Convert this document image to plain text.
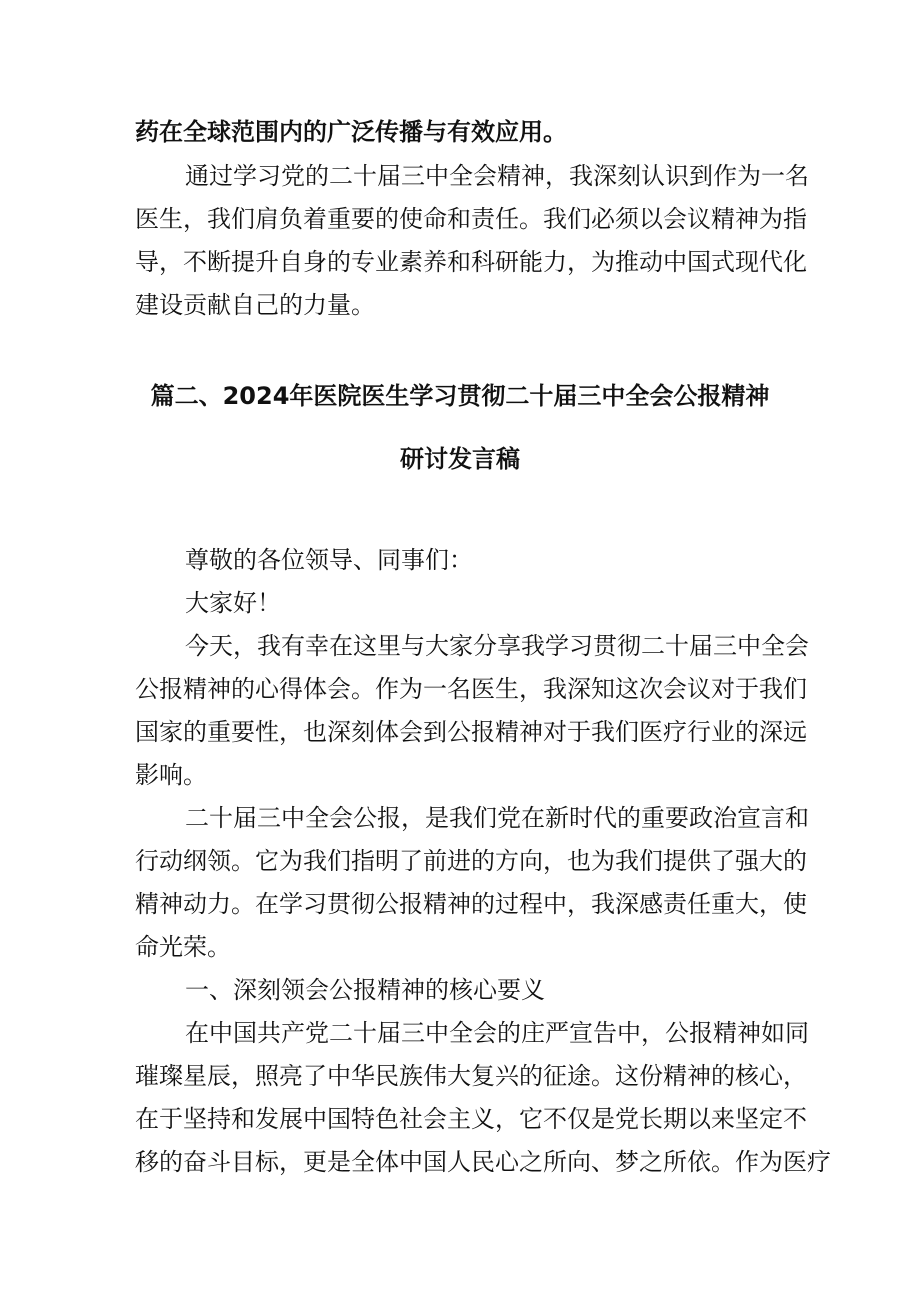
药在全球范围内的广泛传播与有效应用。
通过学习党的二十届三中全会精神，我深刻认识到作为一名
医生，我们肩负着重要的使命和责任。我们必须以会议精神为指
导，不断提升自身的专业素养和科研能力，为推动中国式现代化
建设贡献自己的力量。
篇二、2024年医院医生学习贯彻二十届三中全会公报精神
研讨发言稿
尊敬的各位领导、同事们：
大家好！
今天，我有幸在这里与大家分享我学习贯彻二十届三中全会
公报精神的心得体会。作为一名医生，我深知这次会议对于我们
国家的重要性，也深刻体会到公报精神对于我们医疗行业的深远
影响。
二十届三中全会公报，是我们党在新时代的重要政治宣言和
行动纲领。它为我们指明了前进的方向，也为我们提供了强大的
精神动力。在学习贯彻公报精神的过程中，我深感责任重大，使
命光荣。
一、深刻领会公报精神的核心要义
在中国共产党二十届三中全会的庄严宣告中，公报精神如同
璀璨星辰，照亮了中华民族伟大复兴的征途。这份精神的核心，
在于坚持和发展中国特色社会主义，它不仅是党长期以来坚定不
移的奋斗目标，更是全体中国人民心之所向、梦之所依。作为医疗
